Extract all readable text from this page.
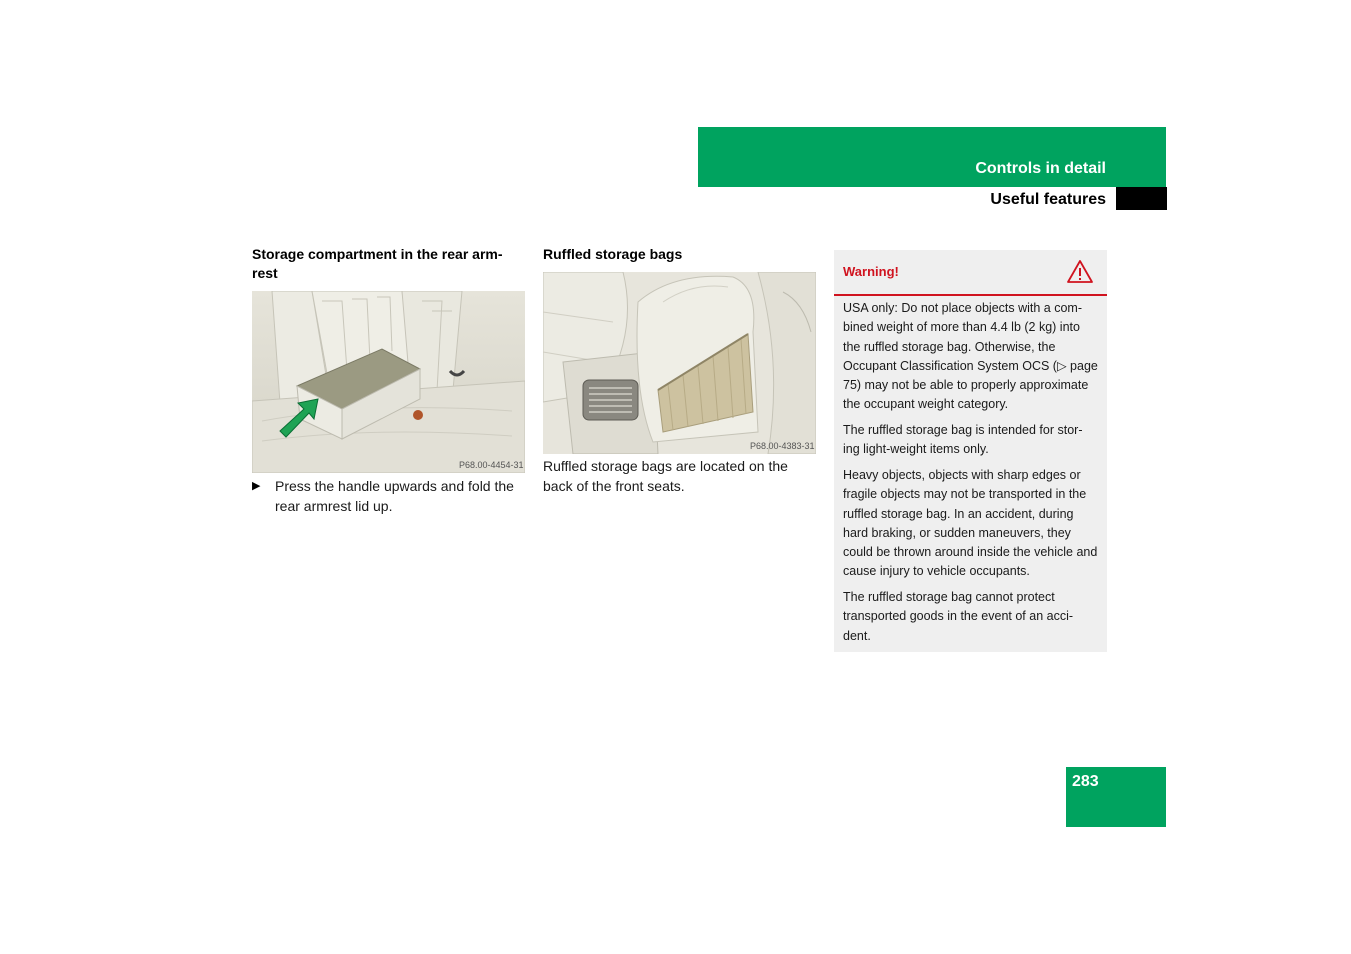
Controls in detail
Useful features
Storage compartment in the rear arm-
rest
P68.00-4454-31
▶ Press the handle upwards and fold the rear armrest lid up.
Ruffled storage bags
P68.00-4383-31
Ruffled storage bags are located on the back of the front seats.
Warning!
USA only: Do not place objects with a com-bined weight of more than 4.4 lb (2 kg) into the ruffled storage bag. Otherwise, the Occupant Classification System OCS (▷ page 75) may not be able to properly approximate the occupant weight category.
The ruffled storage bag is intended for stor-ing light-weight items only.
Heavy objects, objects with sharp edges or fragile objects may not be transported in the ruffled storage bag. In an accident, during hard braking, or sudden maneuvers, they could be thrown around inside the vehicle and cause injury to vehicle occupants.
The ruffled storage bag cannot protect transported goods in the event of an acci-dent.
283
